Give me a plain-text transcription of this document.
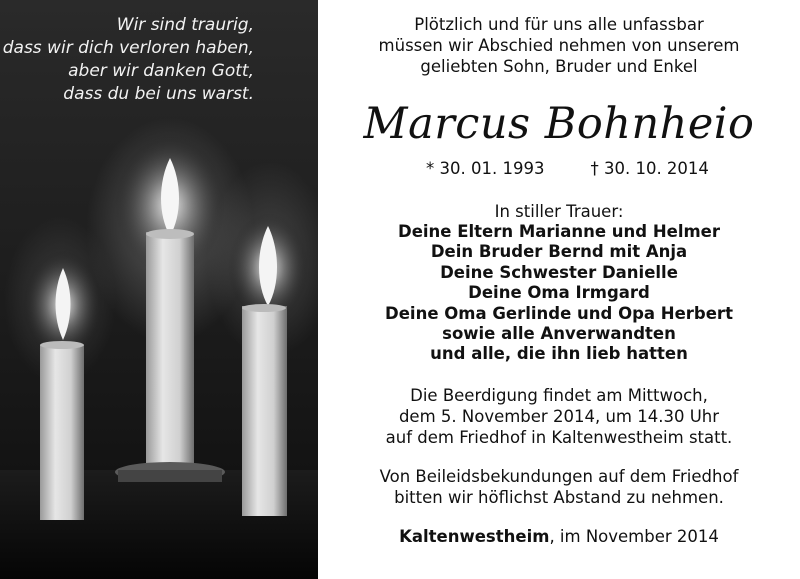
Wir sind traurig,
dass wir dich verloren haben,
aber wir danken Gott,
dass du bei uns warst.
Plötzlich und für uns alle unfassbar
müssen wir Abschied nehmen von unserem
geliebten Sohn, Bruder und Enkel
Marcus Bohnheio
* 30. 01. 1993	† 30. 10. 2014
In stiller Trauer:
Deine Eltern Marianne und Helmer
Dein Bruder Bernd mit Anja
Deine Schwester Danielle
Deine Oma Irmgard
Deine Oma Gerlinde und Opa Herbert
sowie alle Anverwandten
und alle, die ihn lieb hatten
Die Beerdigung findet am Mittwoch,
dem 5. November 2014, um 14.30 Uhr
auf dem Friedhof in Kaltenwestheim statt.
Von Beileidsbekundungen auf dem Friedhof
bitten wir höflichst Abstand zu nehmen.
Kaltenwestheim, im November 2014
